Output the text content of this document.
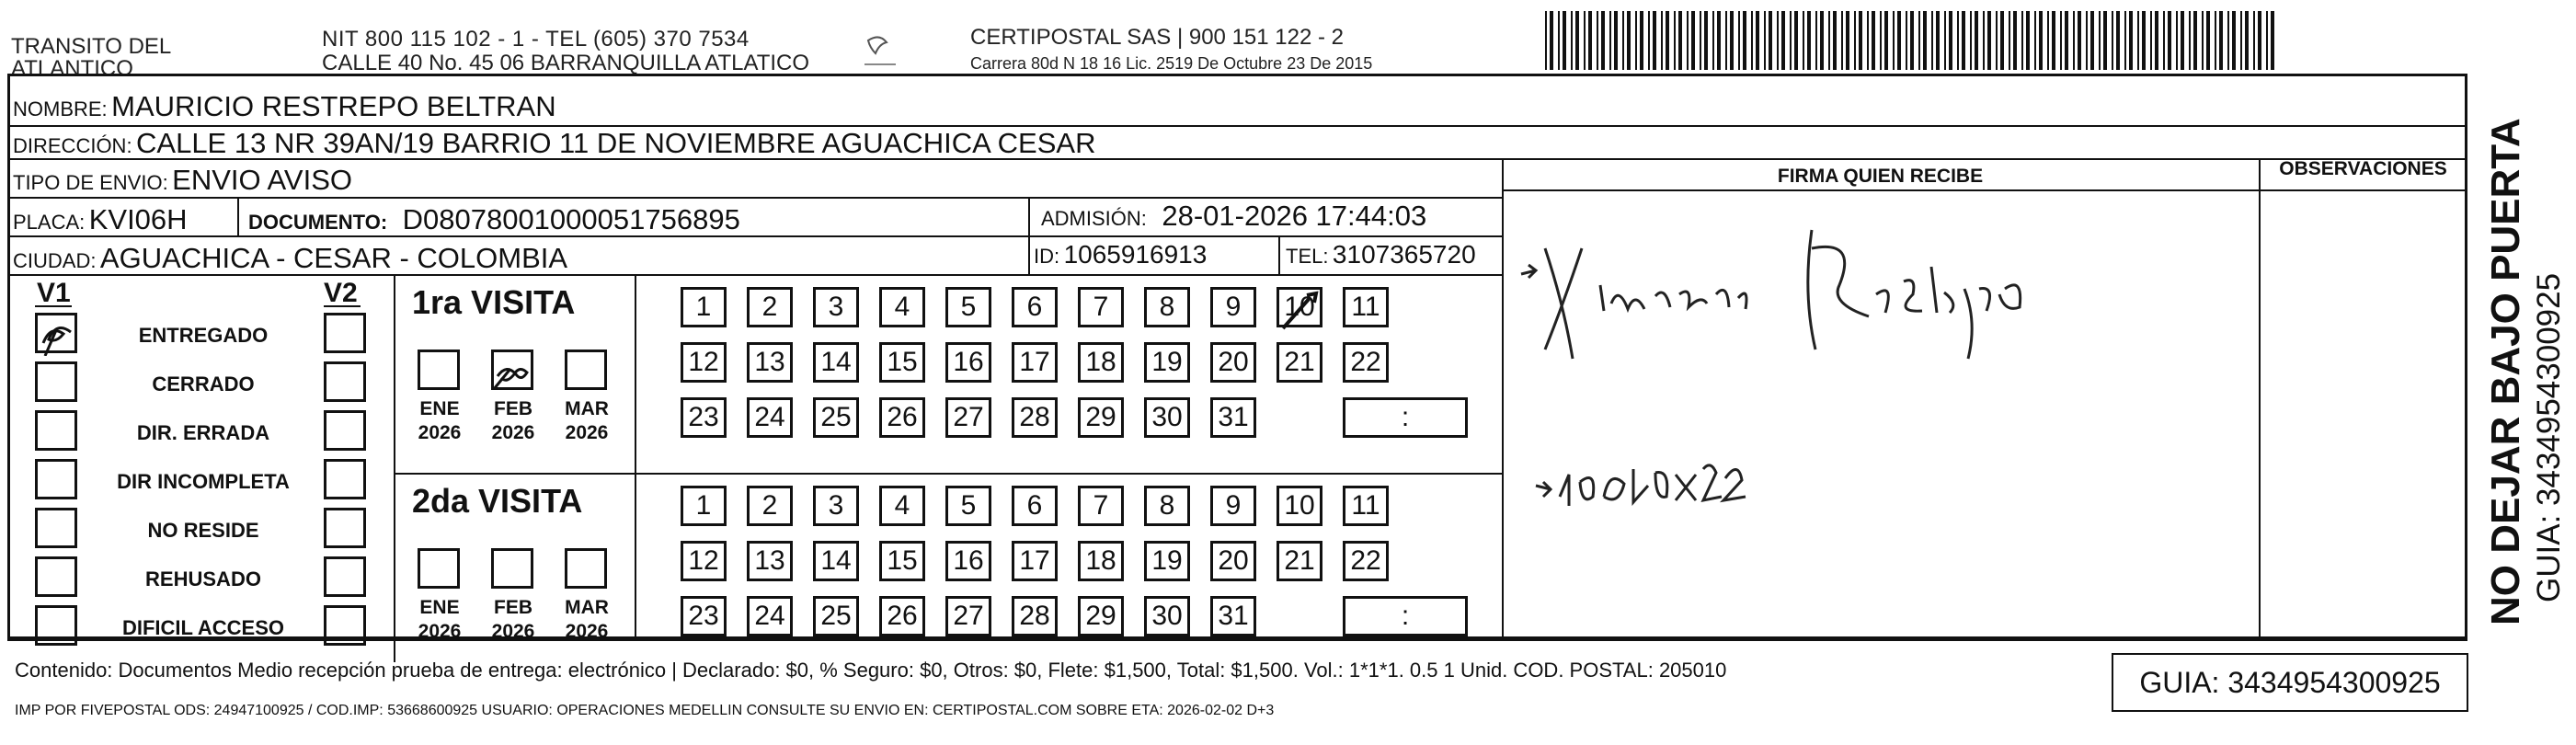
TRANSITO DEL
ATLANTICO
NIT 800 115 102 - 1 - TEL (605) 370 7534
CALLE 40 No. 45 06 BARRANQUILLA ATLATICO
CERTIPOSTAL SAS | 900 151 122 - 2
Carrera 80d N 18 16 Lic. 2519 De Octubre 23 De 2015
NOMBRE: MAURICIO RESTREPO BELTRAN
DIRECCIÓN: CALLE 13 NR 39AN/19 BARRIO 11 DE NOVIEMBRE AGUACHICA CESAR
TIPO DE ENVIO: ENVIO AVISO
PLACA: KVI06H	DOCUMENTO: D08078001000051756895	ADMISIÓN: 28-01-2026 17:44:03
CIUDAD: AGUACHICA - CESAR - COLOMBIA	ID: 1065916913	TEL: 3107365720
FIRMA QUIEN RECIBE	OBSERVACIONES
V1	V2
ENTREGADO
CERRADO
DIR. ERRADA
DIR INCOMPLETA
NO RESIDE
REHUSADO
DIFICIL ACCESO
1ra VISITA
ENE
2026
FEB
2026
MAR
2026
1	2	3	4	5	6	7	8	9	10	11
12 13 14 15 16 17 18 19 20 21 22
23 24 25 26 27 28 29 30 31	:
2da VISITA
ENE
2026
FEB
2026
MAR
2026
1	2	3	4	5	6	7	8	9	10	11
12 13 14 15 16 17 18 19 20 21 22
23 24 25 26 27 28 29 30 31	:
Contenido: Documentos Medio recepción prueba de entrega: electrónico | Declarado: $0, % Seguro: $0, Otros: $0, Flete: $1,500, Total: $1,500. Vol.: 1*1*1. 0.5 1 Unid. COD. POSTAL: 205010
IMP POR FIVEPOSTAL ODS: 24947100925 / COD.IMP: 53668600925 USUARIO: OPERACIONES MEDELLIN CONSULTE SU ENVIO EN: CERTIPOSTAL.COM SOBRE ETA: 2026-02-02 D+3
GUIA: 3434954300925
NO DEJAR BAJO PUERTA GUIA: 3434954300925
